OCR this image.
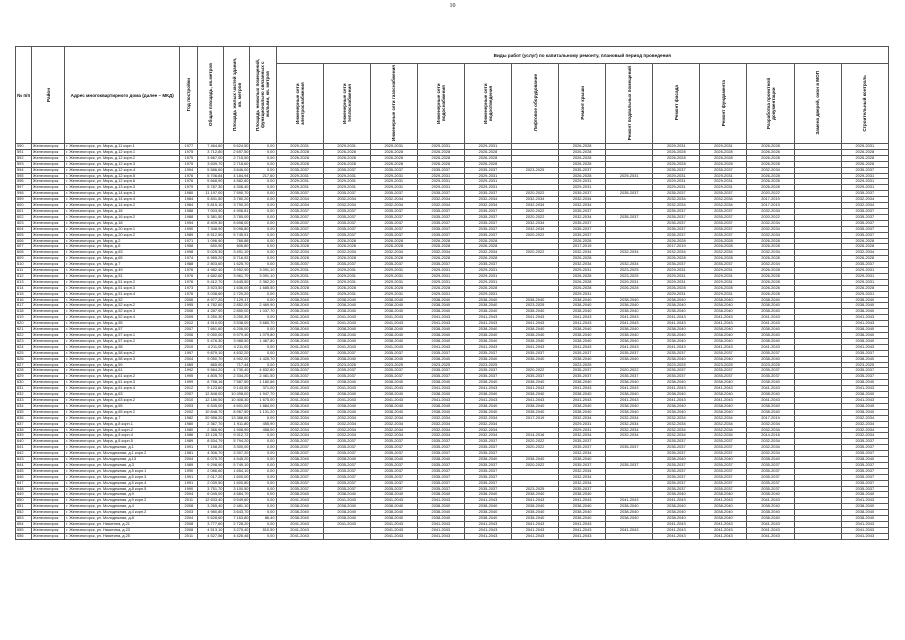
10
№ п/п	Район	Адрес многоквартирного дома (далее – МКД)	Год постройки	Общая площадь, кв.метров	Площадь жилых частей здания, кв. метров	Площадь нежилых помещений, функционально связанных с жилыми, кв. метров	Виды работ (услуг) по капитальному ремонту, плановый период проведения												
							Инженерные сети электроснабжения	Инженерные сети теплоснабжения	Инженерные сети газоснабжения	Инженерные сети водоснабжения	Инженерные сети водоотведения	Лифтовое оборудование	Ремонт крыши	Ремонт подвальных помещений	Ремонт фасада	Ремонт фундамента	Разработка проектной документации	Замена дверей, окон в МОП	Строительный контроль
590	Железногорск	г. Железногорск, ул. Мира, д.11 корп.1	1977	7 464,60	5 624,50	0,00	2029-2031	2029-2031	2029-2031	2029-2031	2029-2031		2026-2028		2029-2031	2029-2031	2026-2028		2029-2031
591	Железногорск	г. Железногорск, ул. Мира, д.12 корп.1	1975	3 712,80	2 697,50	0,00	2026-2028	2026-2028	2026-2028	2026-2028	2026-2028		2026-2028		2026-2028	2026-2028	2026-2028		2026-2028
592	Железногорск	г. Железногорск, ул. Мира, д.12 корп.2	1975	3 667,00	2 715,50	0,00	2026-2028	2026-2028	2026-2028	2026-2028	2026-2028		2026-2028		2026-2028	2026-2028	2026-2028		2026-2028
593	Железногорск	г. Железногорск, ул. Мира, д.12 корп.3	1975	3 639,70	2 718,60	0,00	2026-2028	2026-2028	2026-2028	2026-2028	2026-2028		2026-2028		2026-2028	2026-2028	2026-2028		2026-2028
594	Железногорск	г. Железногорск, ул. Мира, д.12 корп.4	1994	5 586,60	3 846,00	0,00	2035-2037	2035-2037	2035-2037	2035-2037	2035-2037	2023-2025	2035-2037		2035-2037	2035-2037	2032-2034		2035-2037
595	Железногорск	г. Железногорск, ул. Мира, д.12 корп.5	1976	5 706,84	4 184,94	217,60	2029-2031	2029-2031	2029-2031	2029-2031	2029-2031		2026-2028	2029-2031	2029-2031	2029-2031	2026-2028		2029-2031
596	Железногорск	г. Железногорск, ул. Мира, д.12 корп.6	1976	5 668,90	4 582,60	0,00	2029-2031	2029-2031	2029-2031	2029-2031	2029-2031		2029-2031		2029-2031	2029-2031	2026-2028		2029-2031
597	Железногорск	г. Железногорск, ул. Мира, д.13 корп.3	1979	5 787,30	4 306,40	0,00	2029-2031	2029-2031	2029-2031	2029-2031	2029-2031		2029-2031		2029-2031	2029-2031	2026-2028		2029-2031
598	Железногорск	г. Железногорск, ул. Мира, д.14 корп.3	1980	11 197,00	7 590,70	0,00	2035-2037	2035-2037	2035-2037	2035-2037	2035-2037	2020-2022	2035-2037	2035-2037	2035-2037	2035-2037	2020-2022		2035-2037
599	Железногорск	г. Железногорск, ул. Мира, д.14 корп.4	1984	5 831,50	3 780,20	0,00	2032-2034	2032-2034	2032-2034	2032-2034	2032-2034	2032-2034	2032-2034		2032-2034	2032-2034	2017-2019		2032-2034
600	Железногорск	г. Железногорск, ул. Мира, д.14 корп.2	1984	5 815,10	3 790,20	0,00	2032-2034	2032-2034	2032-2034	2032-2034	2032-2034	2032-2034	2032-2034		2032-2034	2032-2034	2017-2019		2032-2034
601	Железногорск	г. Железногорск, ул. Мира, д.16	1988	7 003,90	4 906,81	0,00	2035-2037	2035-2037	2035-2037	2035-2037	2035-2037	2020-2022	2035-2037		2035-2037	2035-2037	2032-2034		2035-2037
602	Железногорск	г. Железногорск, ул. Мира, д.16 корп.2	1988	5 381,50	3 780,00	0,00	2035-2037	2035-2037	2035-2037	2035-2037	2035-2037	2020-2022	2032-2034	2035-2037	2035-2037	2035-2037	2020-2022		2035-2037
603	Железногорск	г. Железногорск, ул. Мира, д.18	1994	8 409,30	5 698,00	0,00	2035-2037	2035-2037	2035-2037	2035-2037	2035-2037	2032-2034	2035-2037		2035-2037	2035-2037	2032-2034		2035-2037
604	Железногорск	г. Железногорск, ул. Мира, д.20 корп.1	1990	7 348,90	5 098,80	0,00	2035-2037	2035-2037	2035-2037	2035-2037	2035-2037	2032-2034	2035-2037		2035-2037	2035-2037	2032-2034		2035-2037
605	Железногорск	г. Железногорск, ул. Мира, д.20 корп.2	1989	8 512,50	5 745,91	0,00	2035-2037	2035-2037	2035-2037	2035-2037	2035-2037	2020-2022	2035-2037		2035-2037	2035-2037	2032-2034		2035-2037
606	Железногорск	г. Железногорск, ул. Мира, д.2	1971	1 096,90	766,86	0,00	2026-2028	2026-2028	2026-2028	2026-2028	2026-2028		2026-2028		2026-2028	2026-2028	2026-2028		2026-2028
607	Железногорск	г. Железногорск, ул. Мира, д.6	1958	650,90	606,80	0,00	2026-2028	2026-2028	2026-2028	2026-2028	2026-2028		2017-2019		2017-2019	2026-2028	2026-2028		2026-2028
608	Железногорск	г. Железногорск, ул. Мира, д.63	1998	5 025,30	3 491,10	0,00	2032-2034	2032-2034	2032-2034	2032-2034	2032-2034	2020-2022	2032-2034	2032-2034	2032-2034	2032-2034	2032-2034		2032-2034
609	Железногорск	г. Железногорск, ул. Мира, д.65	1974	6 965,20	5 716,92	0,00	2026-2028	2026-2028	2026-2028	2026-2028	2026-2028		2026-2028		2026-2028	2026-2028	2026-2028		2026-2028
610	Железногорск	г. Железногорск, ул. Мира, д.7	1988	2 803,60	1 625,70	0,00	2035-2037	2035-2037	2035-2037	2035-2037	2035-2037		2032-2034	2032-2034	2035-2037	2035-2037	2032-2034		2035-2037
611	Железногорск	г. Железногорск, ул. Мира, д.49	1976	4 982,40	3 952,90	3 091,10	2029-2031	2029-2031	2029-2031	2029-2031	2029-2031		2029-2031	2023-2025	2029-2031	2029-2031	2026-2028		2029-2031
612	Железногорск	г. Железногорск, ул. Мира, д.51	1976	4 682,60	3 961,70	3 091,10	2029-2031	2029-2031	2029-2031	2029-2031	2029-2031		2026-2028	2023-2025	2029-2031	2029-2031	2026-2028		2029-2031
613	Железногорск	г. Железногорск, ул. Мира, д.51 корп.2	1976	5 412,70	3 645,50	2 362,20	2029-2031	2029-2031	2029-2031	2029-2031	2029-2031		2026-2028	2029-2031	2029-2031	2029-2031	2026-2028		2029-2031
614	Железногорск	г. Железногорск, ул. Мира, д.51 корп.3	1973	3 923,50	1 636,00	1 685,50	2026-2028	2026-2028	2026-2028	2026-2028	2026-2028		2026-2028	2026-2028	2026-2028	2026-2028	2026-2028		2026-2028
615	Железногорск	г. Железногорск, ул. Мира, д.51 корп.4	1976	3 038,60	2 720,20	0,00	2029-2031	2029-2031	2029-2031	2029-2031	2029-2031		2029-2031		2029-2031	2029-2031	2026-2028		2029-2031
616	Железногорск	г. Железногорск, ул. Мира, д.52	2006	8 977,20	7 129,17	0,00	2038-2040	2038-2040	2038-2040	2038-2040	2038-2040	2038-2040	2038-2040	2038-2040	2038-2040	2038-2040	2038-2040		2038-2040
617	Железногорск	г. Железногорск, ул. Мира, д.52 корп.2	1995	4 782,60	2 852,00	2 469,90	2038-2040	2038-2040	2038-2040	2038-2040	2038-2040	2023-2025	2038-2040	2038-2040	2038-2040	2038-2040	2038-2040		2038-2040
618	Железногорск	г. Железногорск, ул. Мира, д.52 корп.3	2006	4 287,90	2 850,00	1 037,70	2038-2040	2038-2040	2038-2040	2038-2040	2038-2040	2038-2040	2038-2040	2038-2040	2038-2040	2038-2040	2038-2040		2038-2040
619	Железногорск	г. Железногорск, ул. Мира, д.52 корп.4	2009	3 250,30	3 250,30	0,00	2041-2043	2041-2043	2041-2043	2041-2043	2041-2043	2041-2043	2041-2043	2041-2043	2041-2043	2041-2043	2041-2043		2041-2043
620	Железногорск	г. Железногорск, ул. Мира, д.55	2012	4 910,00	3 538,00	3 680,70	2041-2043	2041-2043	2041-2043	2041-2043	2041-2043	2041-2043	2041-2043	2041-2043	2041-2043	2041-2043	2041-2043		2041-2043
621	Железногорск	г. Железногорск, ул. Мира, д.57	2007	7 661,60	6 206,00	0,00	2038-2040	2038-2040	2038-2040	2038-2040	2038-2040	2038-2040	2038-2040	2038-2040	2038-2040	2038-2040	2038-2040		2038-2040
622	Железногорск	г. Железногорск, ул. Мира, д.57 корп.1	2006	9 050,00	5 979,40	1 079,80	2038-2040	2038-2040	2038-2040	2038-2040	2038-2040	2038-2040	2038-2040	2038-2040	2038-2040	2038-2040	2038-2040		2038-2040
623	Железногорск	г. Железногорск, ул. Мира, д.57 корп.2	2006	5 476,30	3 988,50	1 487,80	2038-2040	2038-2040	2038-2040	2038-2040	2038-2040	2038-2040	2038-2040	2038-2040	2038-2040	2038-2040	2038-2040		2038-2040
624	Железногорск	г. Железногорск, ул. Мира, д.58	2010	4 211,00	4 211,00	0,00	2041-2043	2041-2043	2041-2043	2041-2043	2041-2043	2041-2043	2041-2043	2041-2043	2041-2043	2041-2043	2041-2043		2041-2043
625	Железногорск	г. Железногорск, ул. Мира, д.58 корп.2	1997	9 879,10	4 632,20	0,00	2035-2037	2035-2037	2035-2037	2035-2037	2035-2037	2035-2037	2035-2037	2035-2037	2035-2037	2035-2037	2035-2037		2035-2037
626	Железногорск	г. Железногорск, ул. Мира, д.58 корп.3	2004	9 050,70	4 902,00	1 425,70	2038-2040	2038-2040	2038-2040	2038-2040	2038-2040	2038-2040	2038-2040	2038-2040	2038-2040	2038-2040	2038-2040		2038-2040
627	Железногорск	г. Железногорск, ул. Мира, д.59	1969	865,90	717,44	0,00	2023-2025	2023-2025	2023-2025	2023-2025	2023-2025		2023-2025		2023-2025	2023-2025	2023-2025		2023-2025
628	Железногорск	г. Железногорск, ул. Мира, д.61	1992	9 564,20	4 730,40	4 832,80	2035-2037	2035-2037	2035-2037	2035-2037	2035-2037	2020-2022	2035-2037	2020-2022	2035-2037	2035-2037	2035-2037		2035-2037
629	Железногорск	г. Железногорск, ул. Мира, д.61 корп.2	1995	4 805,70	2 334,20	2 461,50	2035-2037	2035-2037	2035-2037	2035-2037	2035-2037	2035-2037	2035-2037	2035-2037	2035-2037	2035-2037	2035-2037		2035-2037
630	Железногорск	г. Железногорск, ул. Мира, д.61 корп.3	1999	8 758,16	7 587,50	1 180,66	2038-2040	2038-2040	2038-2040	2038-2040	2038-2040	2038-2040	2038-2040	2038-2040	2038-2040	2038-2040	2038-2040		2038-2040
631	Железногорск	г. Железногорск, ул. Мира, д.61 корп.4	2012	9 123,60	9 143,50	371,00	2041-2043	2041-2043	2041-2043	2041-2043	2041-2043	2041-2043	2041-2043	2041-2043	2041-2043	2041-2043	2041-2043		2041-2043
632	Железногорск	г. Железногорск, ул. Мира, д.63	2007	12 848,00	10 098,00	1 947,70	2038-2040	2038-2040	2038-2040	2038-2040	2038-2040	2038-2040	2038-2040	2038-2040	2038-2040	2038-2040	2038-2040		2038-2040
633	Железногорск	г. Железногорск, ул. Мира, д.63 корп.2	2010	12 186,50	10 408,30	1 675,00	2041-2043	2041-2043	2041-2043	2041-2043	2041-2043	2041-2043	2041-2043	2041-2043	2041-2043	2041-2043	2041-2043		2041-2043
634	Железногорск	г. Железногорск, ул. Мира, д.65	2003	6 545,00	4 601,00	1 884,00	2038-2040	2038-2040	2038-2040	2038-2040	2038-2040	2038-2040	2038-2040	2038-2040	2038-2040	2038-2040	2038-2040		2038-2040
635	Железногорск	г. Железногорск, ул. Мира, д.65 корп.2	2002	10 848,70	8 967,50	1 131,20	2038-2040	2038-2040	2038-2040	2038-2040	2038-2040	2038-2040	2038-2040	2038-2040	2038-2040	2038-2040	2038-2040		2038-2040
636	Железногорск	г. Железногорск, ул. Мира, д.7	1982	20 958,20	13 388,60	0,00	2032-2034	2032-2034	2032-2034	2032-2034	2032-2034	2017-2019	2032-2034	2032-2034	2032-2034	2032-2034	2017-2019		2032-2034
637	Железногорск	г. Железногорск, ул. Мира, д.8 корп.1	1980	2 367,70	1 911,80	455,90	2032-2034	2032-2034	2032-2034	2032-2034	2032-2034		2029-2031	2032-2034	2032-2034	2032-2034	2032-2034		2032-2034
638	Железногорск	г. Железногорск, ул. Мира, д.8 корп.2	1980	2 366,90	1 908,90	458,00	2032-2034	2032-2034	2032-2034	2032-2034	2032-2034		2029-2031	2032-2034	2032-2034	2032-2034	2032-2034		2032-2034
639	Железногорск	г. Железногорск, ул. Мира, д.8 корп.4	1986	13 128,72	9 312,72	0,00	2032-2034	2032-2034	2032-2034	2032-2034	2032-2034	2014-2016	2032-2034	2032-2034	2032-2034	2032-2034	2014-2016		2032-2034
640	Железногорск	г. Железногорск, ул. Мира, д.8 корп.5	1989	8 534,79	5 794,20	0,00	2035-2037	2035-2037	2035-2037	2035-2037	2035-2037	2020-2022	2035-2037		2035-2037	2035-2037	2032-2034		2035-2037
641	Железногорск	г. Железногорск, ул. Молодежная, д.1	1991	7 158,20	3 300,00	0,00	2035-2037	2035-2037	2035-2037	2035-2037	2035-2037	2020-2022	2035-2037	2035-2037	2035-2037	2035-2037	2032-2034		2035-2037
642	Железногорск	г. Железногорск, ул. Молодежная, д.1 корп.2	1981	4 306,70	3 307,20	0,00	2035-2037	2035-2037	2035-2037	2035-2037	2035-2037		2032-2034		2035-2037	2035-2037	2032-2034		2035-2037
643	Железногорск	г. Железногорск, ул. Молодежная, д.13	2004	6 075,70	4 545,20	0,00	2038-2040	2038-2040	2038-2040	2038-2040	2038-2040	2038-2040	2038-2040		2038-2040	2038-2040	2038-2040		2038-2040
644	Железногорск	г. Железногорск, ул. Молодежная, д.3	1989	9 298,90	5 749,10	0,00	2035-2037	2035-2037	2035-2037	2035-2037	2035-2037	2020-2022	2035-2037	2035-2037	2035-2037	2035-2037	2035-2037		2035-2037
645	Железногорск	г. Железногорск, ул. Молодежная, д.5 корп.1	1990	2 086,60	1 654,10	0,00	2035-2037	2035-2037	2035-2037	2035-2037	2035-2037		2032-2034		2035-2037	2035-2037	2035-2037		2035-2037
646	Железногорск	г. Железногорск, ул. Молодежная, д.5 корп.3	1991	2 017,20	1 600,00	0,00	2035-2037	2035-2037	2035-2037	2035-2037	2035-2037		2032-2034		2035-2037	2035-2037	2035-2037		2035-2037
647	Железногорск	г. Железногорск, ул. Молодежная, д.5 корп.4	1991	2 039,50	1 600,80	0,00	2035-2037	2035-2037	2035-2037	2035-2037	2035-2037		2032-2034		2035-2037	2035-2037	2035-2037		2035-2037
648	Железногорск	г. Железногорск, ул. Молодежная, д.8 корп.5	1990	3 751,70	3 100,50	0,00	2035-2037	2035-2037	2035-2037	2035-2037	2035-2037	2023-2025	2035-2037		2035-2037	2035-2037	2035-2037		2035-2037
649	Железногорск	г. Железногорск, ул. Молодежная, д.9	2004	6 045,00	4 684,70	0,00	2038-2040	2038-2040	2038-2040	2038-2040	2038-2040	2038-2040	2038-2040		2038-2040	2038-2040	2038-2040		2038-2040
650	Железногорск	г. Железногорск, ул. Молодежная, д.9 корп.2	2011	12 633,40	9 549,60	0,00	2041-2043	2041-2043	2041-2043	2041-2043	2041-2043	2041-2043	2041-2043	2041-2043	2041-2043	2041-2043	2041-2043		2041-2043
651	Железногорск	г. Железногорск, ул. Молодежная, д.4	2008	3 265,40	2 481,10	0,00	2038-2040	2038-2040	2038-2040	2038-2040	2038-2040	2038-2040	2038-2040	2038-2040	2038-2040	2038-2040	2038-2040		2038-2040
652	Железногорск	г. Железногорск, ул. Молодежная, д.4 корп.2	2003	4 980,80	3 643,70	0,00	2038-2040	2038-2040	2038-2040	2038-2040	2038-2040	2038-2040	2038-2040	2038-2040	2038-2040	2038-2040	2038-2040		2038-2040
653	Железногорск	г. Железногорск, ул. Молодежная, д.8	2004	9 628,60	7 163,80	86,40	2038-2040	2038-2040	2038-2040	2038-2040	2038-2040	2038-2040	2038-2040	2038-2040	2038-2040	2038-2040	2038-2040		2038-2040
654	Железногорск	г. Железногорск, ул. Никитина, д.21	2008	3 777,60	2 728,20	0,00	2041-2043	2041-2043	2041-2043	2041-2043	2041-2043	2041-2043	2041-2043		2041-2043	2041-2043	2041-2043		2041-2043
655	Железногорск	г. Железногорск, ул. Никитина, д.23	2008	4 513,10	3 275,40	510,50	2041-2043		2041-2043	2041-2043	2041-2043	2041-2043	2041-2043	2041-2043	2041-2043	2041-2043	2041-2043		2041-2043
656	Железногорск	г. Железногорск, ул. Никитина, д.25	2011	4 527,56	4 426,46	0,00	2041-2043		2041-2043	2041-2043	2041-2043	2041-2043	2041-2043		2041-2043	2041-2043	2041-2043		2041-2043
